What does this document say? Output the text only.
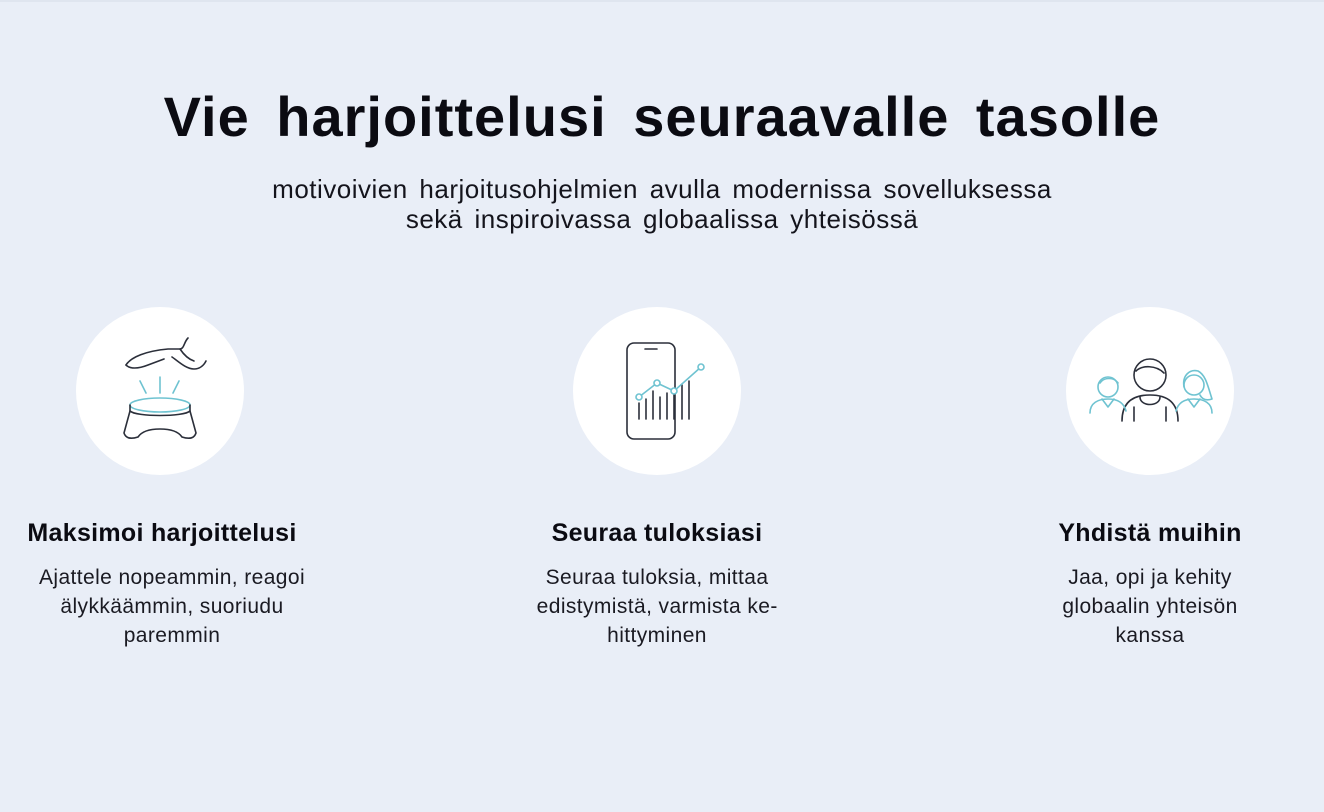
Vie harjoittelusi seuraavalle tasolle

motivoivien harjoitusohjelmien avulla modernissa sovelluksessa
sekä inspiroivassa globaalissa yhteisössä

Maksimoi harjoittelusi
Ajattele nopeammin, reagoi älykkäämmin, suoriudu paremmin
Seuraa tuloksiasi
Seuraa tuloksia, mittaa edistymistä, varmista kehittyminen
Yhdistä muihin
Jaa, opi ja kehity globaalin yhteisön kanssa
